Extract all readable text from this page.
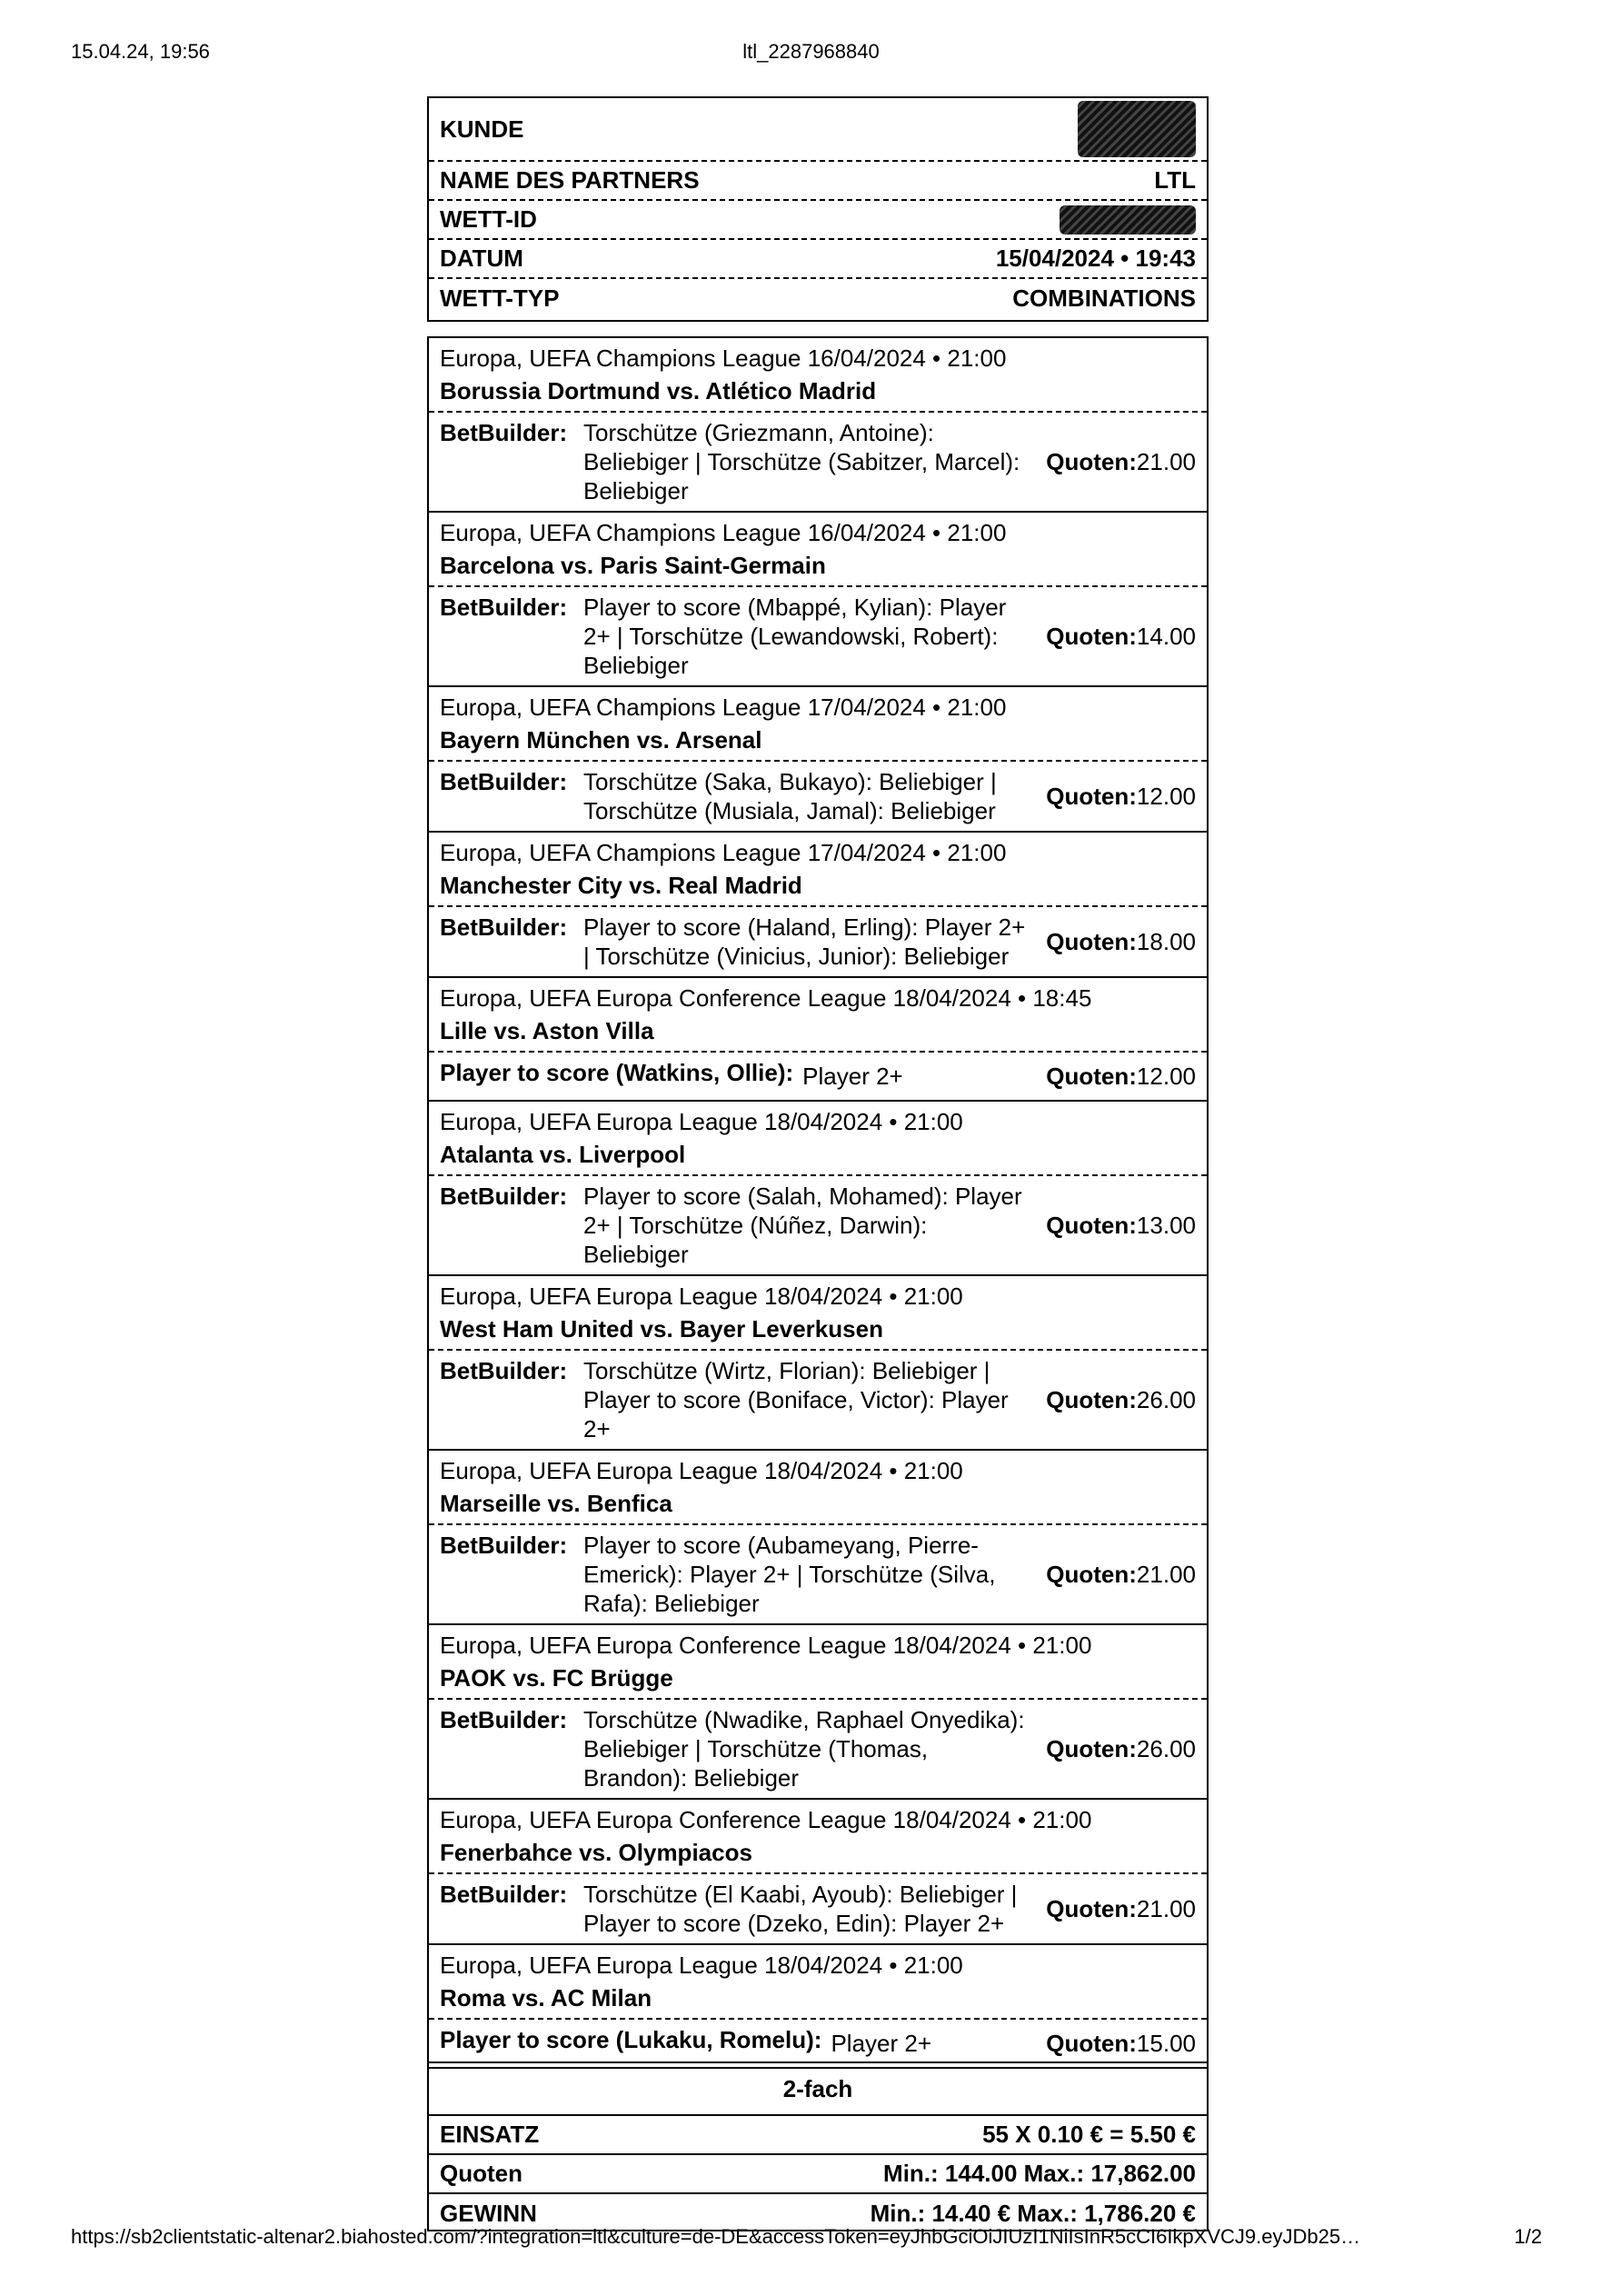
15.04.24, 19:56	ltl_2287968840
KUNDE
NAME DES PARTNERS	LTL
WETT-ID
DATUM	15/04/2024 • 19:43
WETT-TYP	COMBINATIONS
Europa, UEFA Champions League 16/04/2024 • 21:00
Borussia Dortmund vs. Atlético Madrid
BetBuilder: Torschütze (Griezmann, Antoine): Beliebiger | Torschütze (Sabitzer, Marcel): Beliebiger
Quoten:21.00
Europa, UEFA Champions League 16/04/2024 • 21:00
Barcelona vs. Paris Saint-Germain
BetBuilder: Player to score (Mbappé, Kylian): Player 2+ | Torschütze (Lewandowski, Robert): Beliebiger
Quoten:14.00
Europa, UEFA Champions League 17/04/2024 • 21:00
Bayern München vs. Arsenal
BetBuilder: Torschütze (Saka, Bukayo): Beliebiger | Torschütze (Musiala, Jamal): Beliebiger
Quoten:12.00
Europa, UEFA Champions League 17/04/2024 • 21:00
Manchester City vs. Real Madrid
BetBuilder: Player to score (Haland, Erling): Player 2+ | Torschütze (Vinicius, Junior): Beliebiger
Quoten:18.00
Europa, UEFA Europa Conference League 18/04/2024 • 18:45
Lille vs. Aston Villa
Player to score (Watkins, Ollie): Player 2+	Quoten:12.00
Europa, UEFA Europa League 18/04/2024 • 21:00
Atalanta vs. Liverpool
BetBuilder: Player to score (Salah, Mohamed): Player 2+ | Torschütze (Núñez, Darwin): Beliebiger
Quoten:13.00
Europa, UEFA Europa League 18/04/2024 • 21:00
West Ham United vs. Bayer Leverkusen
BetBuilder: Torschütze (Wirtz, Florian): Beliebiger | Player to score (Boniface, Victor): Player 2+
Quoten:26.00
Europa, UEFA Europa League 18/04/2024 • 21:00
Marseille vs. Benfica
BetBuilder: Player to score (Aubameyang, Pierre-Emerick): Player 2+ | Torschütze (Silva, Rafa): Beliebiger
Quoten:21.00
Europa, UEFA Europa Conference League 18/04/2024 • 21:00
PAOK vs. FC Brügge
BetBuilder: Torschütze (Nwadike, Raphael Onyedika): Beliebiger | Torschütze (Thomas, Brandon): Beliebiger
Quoten:26.00
Europa, UEFA Europa Conference League 18/04/2024 • 21:00
Fenerbahce vs. Olympiacos
BetBuilder: Torschütze (El Kaabi, Ayoub): Beliebiger | Player to score (Dzeko, Edin): Player 2+
Quoten:21.00
Europa, UEFA Europa League 18/04/2024 • 21:00
Roma vs. AC Milan
Player to score (Lukaku, Romelu): Player 2+	Quoten:15.00
2-fach
EINSATZ	55 X 0.10 € = 5.50 €
Quoten	Min.: 144.00 Max.: 17,862.00
GEWINN	Min.: 14.40 € Max.: 1,786.20 €
https://sb2clientstatic-altenar2.biahosted.com/?integration=ltl&culture=de-DE&accessToken=eyJhbGciOiJIUzI1NiIsInR5cCI6IkpXVCJ9.eyJDb25…	1/2
